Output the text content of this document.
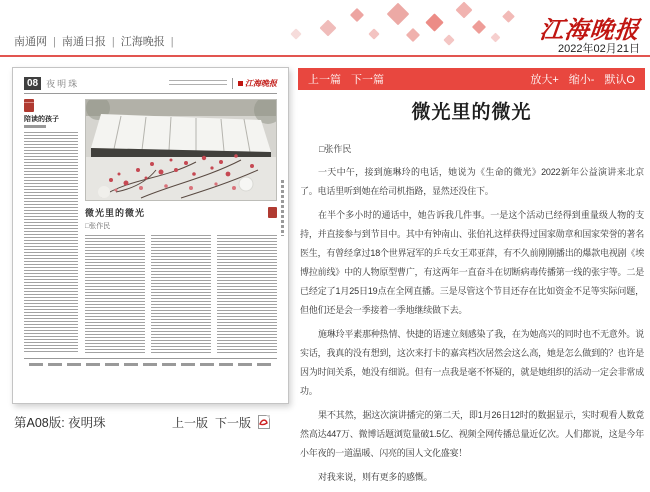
江海晚报
2022年02月21日
南通网 |	南通日报 |	江海晚报 |
08 夜明珠	江海晚报
陪读的孩子
微光里的微光
□张作民
第A08版: 夜明珠	上一版 下一版
上一篇 下一篇	放大+ 缩小- 默认O
微光里的微光
□张作民

一天中午，接到施琳玲的电话，她说为《生命的微光》2022新年公益演讲来北京了。电话里听到她在给司机指路，显然还没住下。

在半个多小时的通话中，她告诉我几件事。一是这个活动已经得到重量级人物的支持，并直接参与到节目中。其中有钟南山、张伯礼这样获得过国家勋章和国家荣誉的著名医生，有曾经拿过18个世界冠军的乒乓女王邓亚萍，有不久前刚刚播出的爆款电视剧《埃博拉前线》中的人物原型曹广，有这两年一直奋斗在切断病毒传播第一线的张宇等。二是已经定了1月25日19点在全网直播。三是尽管这个节目还存在比如资金不足等实际问题，但他们还是会一季接着一季地继续做下去。

施琳玲平素那种热情、快捷的语速立刻感染了我，在为她高兴的同时也不无意外。说实话，我真的没有想到，这次来打卡的嘉宾档次居然会这么高，她是怎么做到的？也许是因为时间关系，她没有细说。但有一点我是毫不怀疑的，就是她组织的活动一定会非常成功。

果不其然，据这次演讲播完的第二天，即1月26日12时的数据显示，实时观看人数竟然高达447万、微博话题浏览量破1.5亿、视频全网传播总量近亿次。人们都说，这是今年小年夜的一道温暖、闪亮的国人文化盛宴！

对我来说，则有更多的感慨。
